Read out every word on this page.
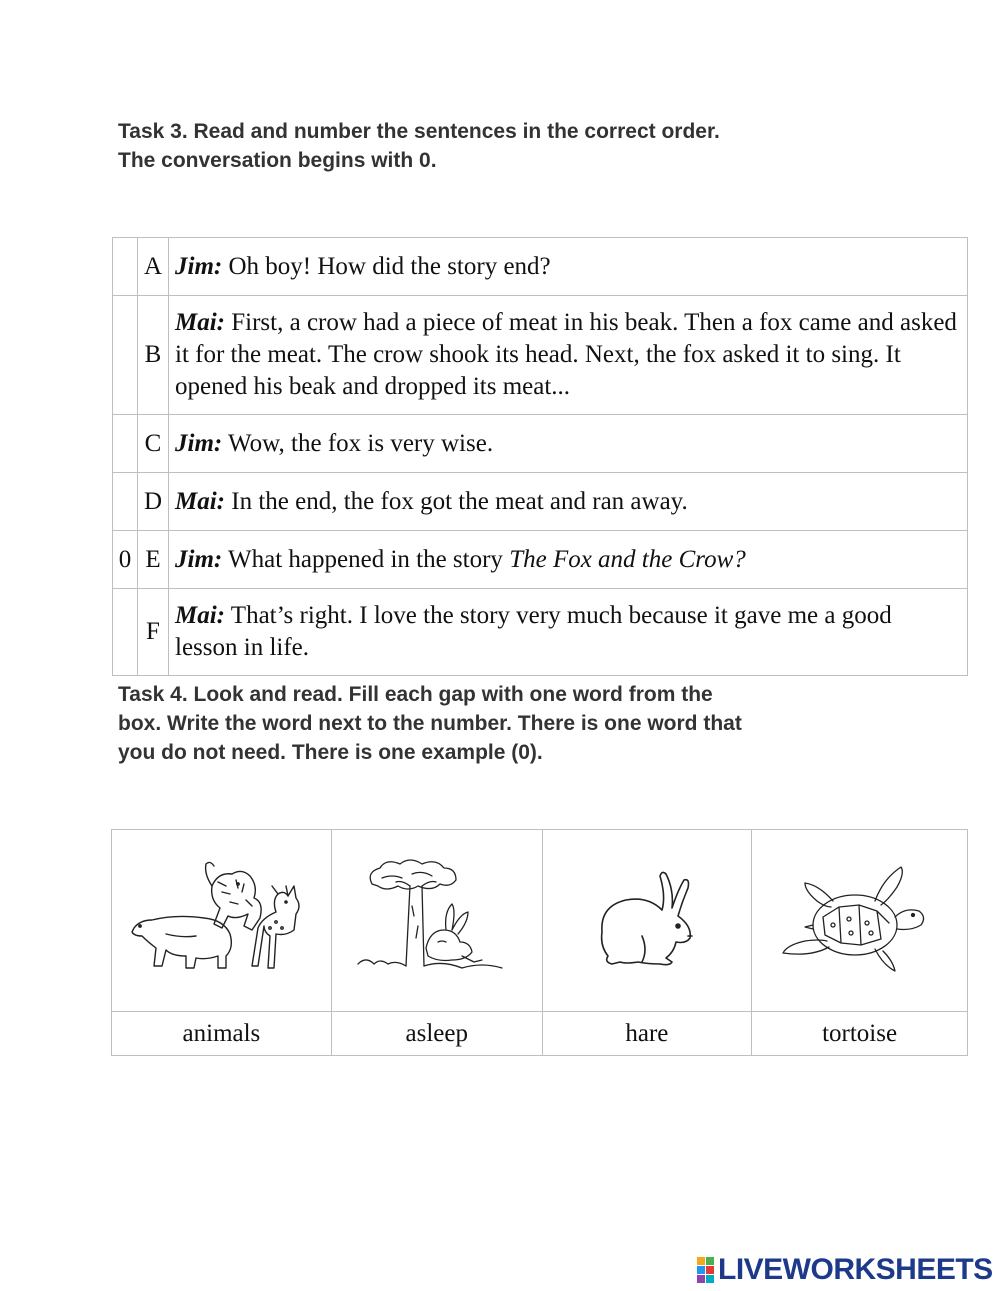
Task 3. Read and number the sentences in the correct order.
The conversation begins with 0.
	A	Jim: Oh boy! How did the story end?
	B	Mai: First, a crow had a piece of meat in his beak. Then a fox came and asked it for the meat. The crow shook its head. Next, the fox asked it to sing. It opened his beak and dropped its meat...
	C	Jim: Wow, the fox is very wise.
	D	Mai: In the end, the fox got the meat and ran away.
0	E	Jim: What happened in the story The Fox and the Crow?
	F	Mai: That’s right. I love the story very much because it gave me a good lesson in life.
Task 4. Look and read. Fill each gap with one word from the
box. Write the word next to the number. There is one word that
you do not need. There is one example (0).

animals	asleep	hare	tortoise
LIVEWORKSHEETS
